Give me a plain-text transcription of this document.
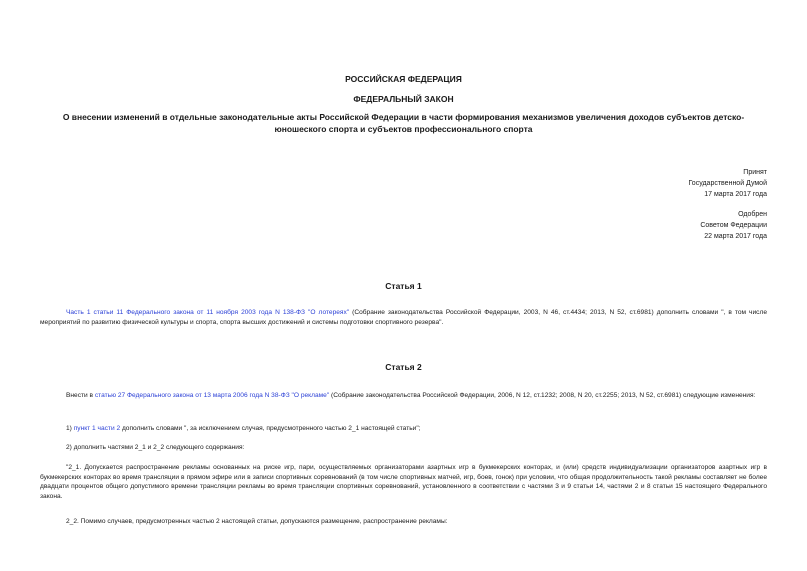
РОССИЙСКАЯ ФЕДЕРАЦИЯ

ФЕДЕРАЛЬНЫЙ ЗАКОН

О внесении изменений в отдельные законодательные акты Российской Федерации в части формирования механизмов увеличения доходов субъектов детско-юношеского спорта и субъектов профессионального спорта

Принят
Государственной Думой
17 марта 2017 года
Одобрен
Советом Федерации
22 марта 2017 года

Статья 1

Часть 1 статьи 11 Федерального закона от 11 ноября 2003 года N 138-ФЗ "О лотереях" (Собрание законодательства Российской Федерации, 2003, N 46, ст.4434; 2013, N 52, ст.6981) дополнить словами ", в том числе мероприятий по развитию физической культуры и спорта, спорта высших достижений и системы подготовки спортивного резерва".

Статья 2

Внести в статью 27 Федерального закона от 13 марта 2006 года N 38-ФЗ "О рекламе" (Собрание законодательства Российской Федерации, 2006, N 12, ст.1232; 2008, N 20, ст.2255; 2013, N 52, ст.6981) следующие изменения:

1) пункт 1 части 2 дополнить словами ", за исключением случая, предусмотренного частью 2_1 настоящей статьи";

2) дополнить частями 2_1 и 2_2 следующего содержания:

"2_1. Допускается распространение рекламы основанных на риске игр, пари, осуществляемых организаторами азартных игр в букмекерских конторах, и (или) средств индивидуализации организаторов азартных игр в букмекерских конторах во время трансляции в прямом эфире или в записи спортивных соревнований (в том числе спортивных матчей, игр, боев, гонок) при условии, что общая продолжительность такой рекламы составляет не более двадцати процентов общего допустимого времени трансляции рекламы во время трансляции спортивных соревнований, установленного в соответствии с частями 3 и 9 статьи 14, частями 2 и 8 статьи 15 настоящего Федерального закона.

2_2. Помимо случаев, предусмотренных частью 2 настоящей статьи, допускаются размещение, распространение рекламы:
